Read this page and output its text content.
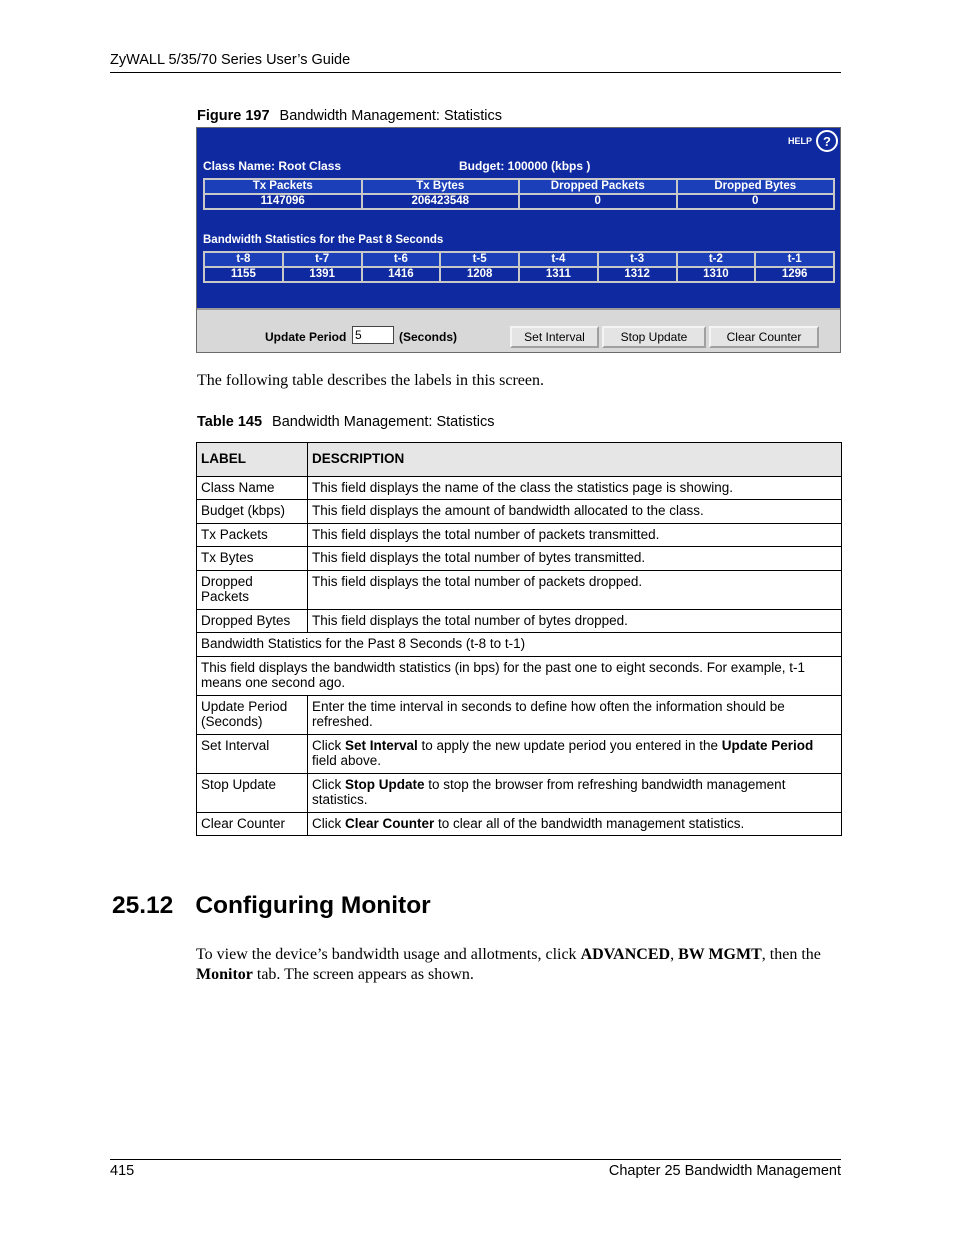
ZyWALL 5/35/70 Series User’s Guide
Figure 197 Bandwidth Management: Statistics
HELP ?
Class Name: Root Class	Budget: 100000 (kbps )
Tx Packets	Tx Bytes	Dropped Packets	Dropped Bytes
1147096	206423548	0	0
Bandwidth Statistics for the Past 8 Seconds
t-8	t-7	t-6	t-5	t-4	t-3	t-2	t-1
1155	1391	1416	1208	1311	1312	1310	1296
Update Period
5	(Seconds)	Set Interval	Stop Update	Clear Counter
The following table describes the labels in this screen.
Table 145 Bandwidth Management: Statistics
LABEL	DESCRIPTION
Class Name	This field displays the name of the class the statistics page is showing.
Budget (kbps)	This field displays the amount of bandwidth allocated to the class.
Tx Packets	This field displays the total number of packets transmitted.
Tx Bytes	This field displays the total number of bytes transmitted.
Dropped Packets	This field displays the total number of packets dropped.
Dropped Bytes	This field displays the total number of bytes dropped.
Bandwidth Statistics for the Past 8 Seconds (t-8 to t-1)	
This field displays the bandwidth statistics (in bps) for the past one to eight seconds. For example, t-1 means one second ago.	
Update Period (Seconds)	Enter the time interval in seconds to define how often the information should be refreshed.
Set Interval	Click Set Interval to apply the new update period you entered in the Update Period field above.
Stop Update	Click Stop Update to stop the browser from refreshing bandwidth management statistics.
Clear Counter	Click Clear Counter to clear all of the bandwidth management statistics.
25.12 Configuring Monitor
To view the device’s bandwidth usage and allotments, click ADVANCED, BW MGMT, then the Monitor tab. The screen appears as shown.
415	Chapter 25 Bandwidth Management
